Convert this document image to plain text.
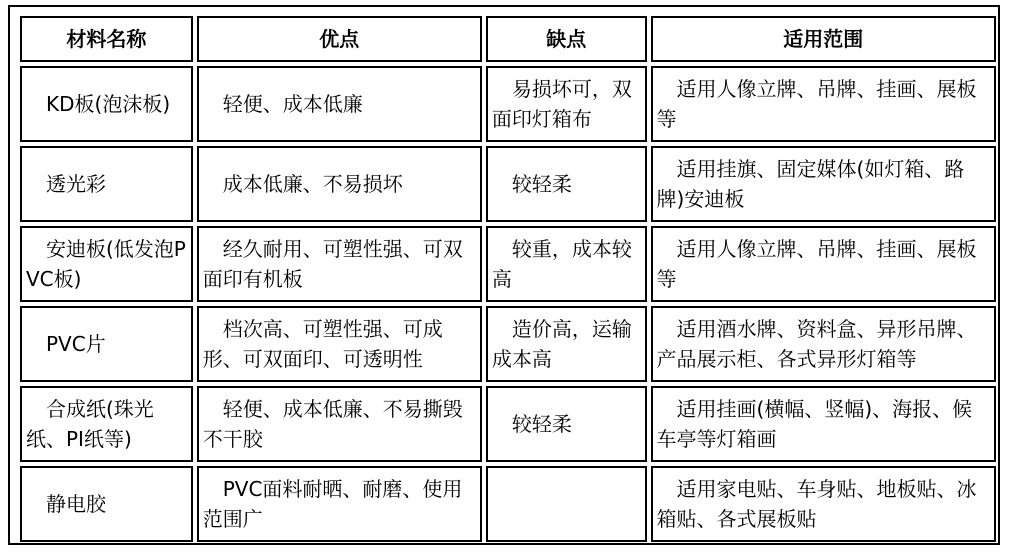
材料名称	优点	缺点	适用范围
KD板(泡沫板)	轻便、成本低廉	易损坏可，双面印灯箱布	适用人像立牌、吊牌、挂画、展板等
透光彩	成本低廉、不易损坏	较轻柔	适用挂旗、固定媒体(如灯箱、路牌)安迪板
安迪板(低发泡PVC板)	经久耐用、可塑性强、可双面印有机板	较重，成本较高	适用人像立牌、吊牌、挂画、展板等
PVC片	档次高、可塑性强、可成形、可双面印、可透明性	造价高，运输成本高	适用酒水牌、资料盒、异形吊牌、产品展示柜、各式异形灯箱等
合成纸(珠光纸、PI纸等)	轻便、成本低廉、不易撕毁不干胶	较轻柔	适用挂画(横幅、竖幅)、海报、候车亭等灯箱画
静电胶	PVC面料耐晒、耐磨、使用范围广		适用家电贴、车身贴、地板贴、冰箱贴、各式展板贴
